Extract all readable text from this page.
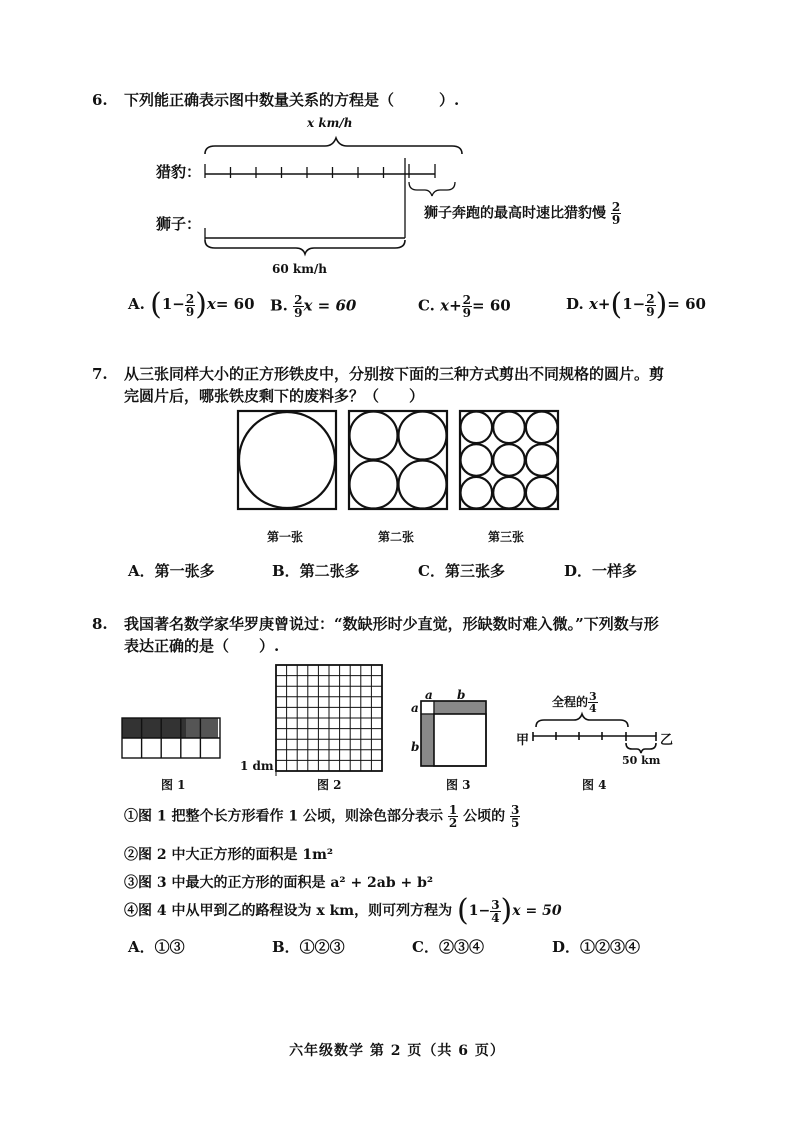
6. 下列能正确表示图中数量关系的方程是（　　　）.
x km/h
猎豹：
狮子：
狮子奔跑的最高时速比猎豹慢 $\frac{2}{9}$
60 km/h
A. $(1- \frac{2}{9} )x= 60$ B. $\frac{2}{9}$ x = 60	C. $x+ \frac{2}{9} = 60$	D. $x+(1- \frac{2}{9}$ )= 60
7. 从三张同样大小的正方形铁皮中，分别按下面的三种方式剪出不同规格的圆片。剪
完圆片后，哪张铁皮剩下的废料多？（　　）
第一张	第二张	第三张
A．第一张多	B．第二张多	C．第三张多	D．一样多
8. 我国著名数学家华罗庚曾说过：“数缺形时少直觉，形缺数时难入微。”下列数与形
表达正确的是（　　）.
1 dm
a b
a
b
全程的 $\frac{3}{4}$
甲	乙
50 km
图 1	图 2	图 3	图 4
①图 1 把整个长方形看作 1 公顷，则涂色部分表示 $\frac{1}{2}$ 公顷的 $\frac{3}{5}$
②图 2 中大正方形的面积是 1m²
③图 3 中最大的正方形的面积是 a² + 2ab + b²
④图 4 中从甲到乙的路程设为 x km，则可列方程为 $(1- \frac{3}{4} )x = 50$
A．①③	B．①②③	C．②③④	D．①②③④
六年级数学 第 2 页（共 6 页）
